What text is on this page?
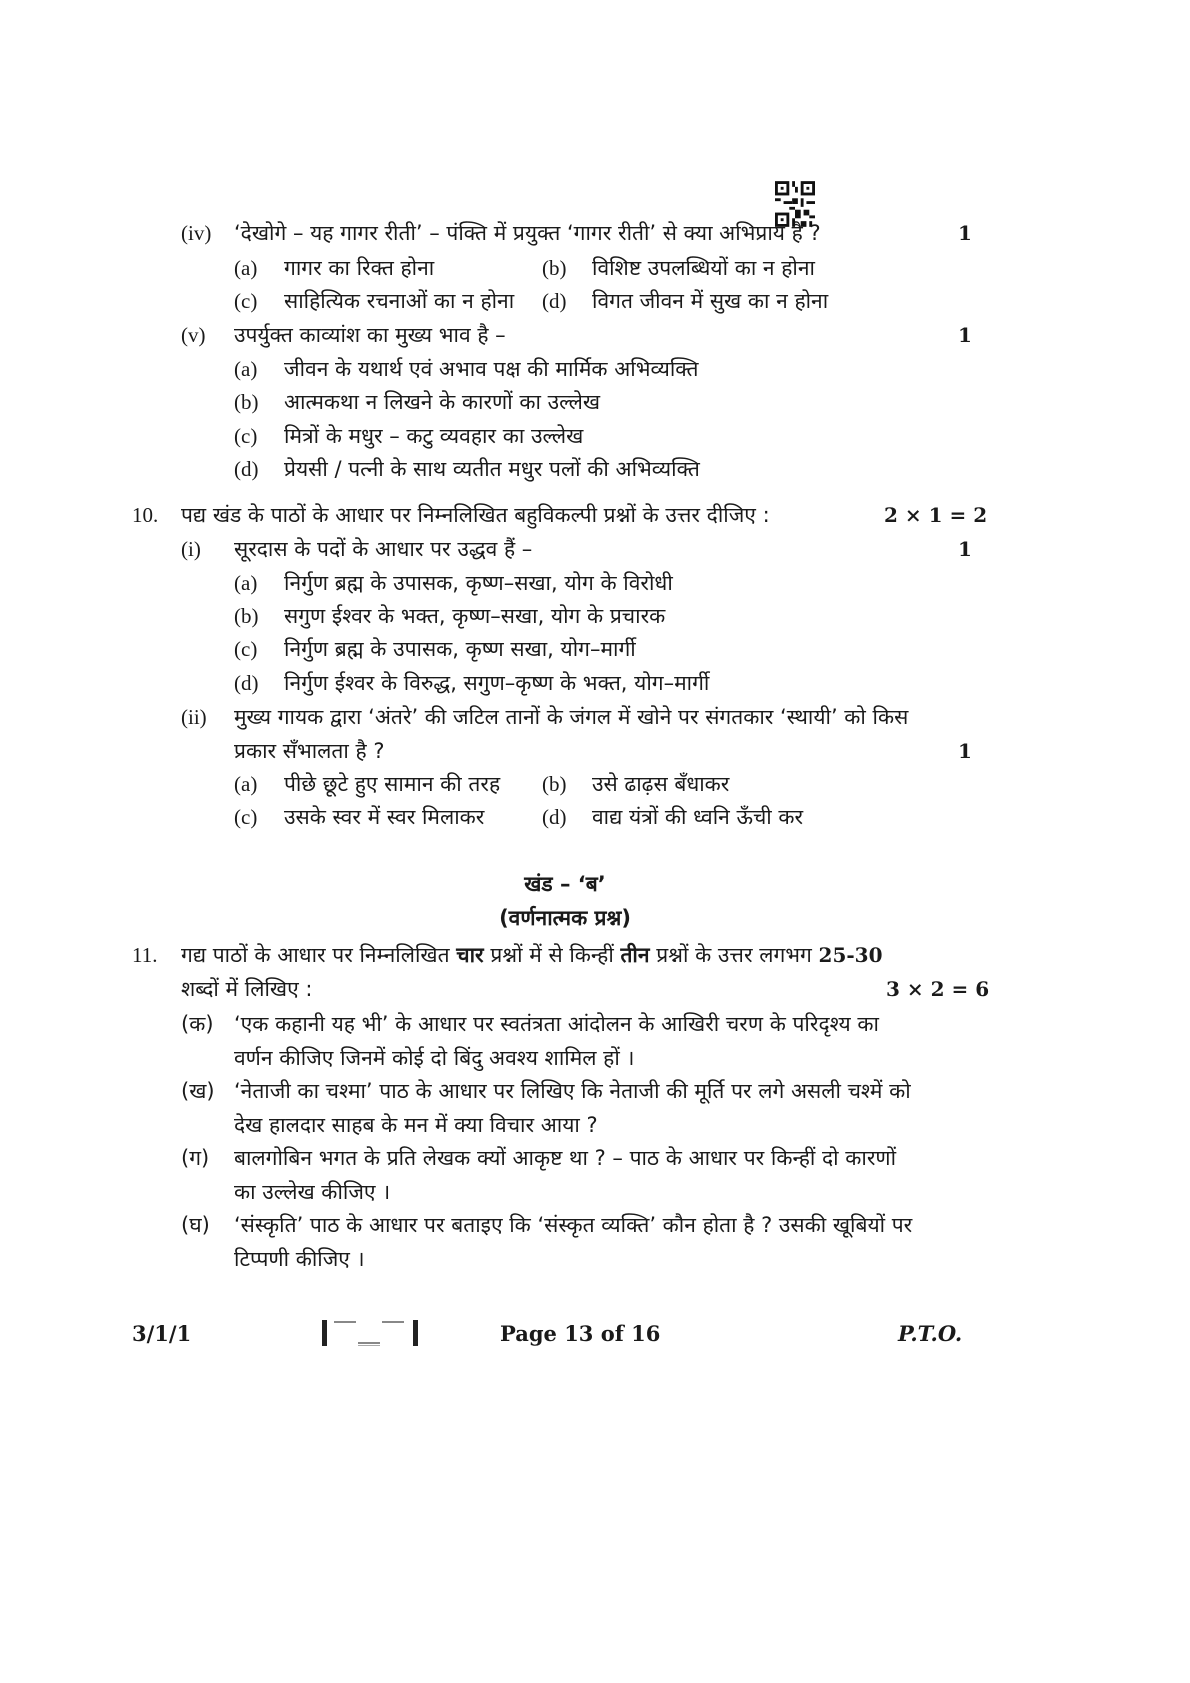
(iv) ‘देखोगे – यह गागर रीती’ – पंक्ति में प्रयुक्त ‘गागर रीती’ से क्या अभिप्राय है ?	1
(a) गागर का रिक्त होना	(b) विशिष्ट उपलब्धियों का न होना
(c) साहित्यिक रचनाओं का न होना (d) विगत जीवन में सुख का न होना
(v) उपर्युक्त काव्यांश का मुख्य भाव है –	1
(a) जीवन के यथार्थ एवं अभाव पक्ष की मार्मिक अभिव्यक्ति
(b) आत्मकथा न लिखने के कारणों का उल्लेख
(c) मित्रों के मधुर – कटु व्यवहार का उल्लेख
(d) प्रेयसी / पत्नी के साथ व्यतीत मधुर पलों की अभिव्यक्ति
10. पद्य खंड के पाठों के आधार पर निम्नलिखित बहुविकल्पी प्रश्नों के उत्तर दीजिए :	2 × 1 = 2
(i) सूरदास के पदों के आधार पर उद्धव हैं –	1
(a) निर्गुण ब्रह्म के उपासक, कृष्ण–सखा, योग के विरोधी
(b) सगुण ईश्वर के भक्त, कृष्ण–सखा, योग के प्रचारक
(c) निर्गुण ब्रह्म के उपासक, कृष्ण सखा, योग–मार्गी
(d) निर्गुण ईश्वर के विरुद्ध, सगुण–कृष्ण के भक्त, योग–मार्गी
(ii) मुख्य गायक द्वारा ‘अंतरे’ की जटिल तानों के जंगल में खोने पर संगतकार ‘स्थायी’ को किस
प्रकार सँभालता है ?	1
(a) पीछे छूटे हुए सामान की तरह (b) उसे ढाढ़स बँधाकर
(c) उसके स्वर में स्वर मिलाकर	(d) वाद्य यंत्रों की ध्वनि ऊँची कर
खंड – ‘ब’
(वर्णनात्मक प्रश्न)
11. गद्य पाठों के आधार पर निम्नलिखित चार प्रश्नों में से किन्हीं तीन प्रश्नों के उत्तर लगभग 25-30
शब्दों में लिखिए :	3 × 2 = 6
(क) ‘एक कहानी यह भी’ के आधार पर स्वतंत्रता आंदोलन के आखिरी चरण के परिदृश्य का
वर्णन कीजिए जिनमें कोई दो बिंदु अवश्य शामिल हों ।
(ख) ‘नेताजी का चश्मा’ पाठ के आधार पर लिखिए कि नेताजी की मूर्ति पर लगे असली चश्में को
देख हालदार साहब के मन में क्या विचार आया ?
(ग) बालगोबिन भगत के प्रति लेखक क्यों आकृष्ट था ? – पाठ के आधार पर किन्हीं दो कारणों
का उल्लेख कीजिए ।
(घ) ‘संस्कृति’ पाठ के आधार पर बताइए कि ‘संस्कृत व्यक्ति’ कौन होता है ? उसकी खूबियों पर
टिप्पणी कीजिए ।
3/1/1	Page 13 of 16	P.T.O.
